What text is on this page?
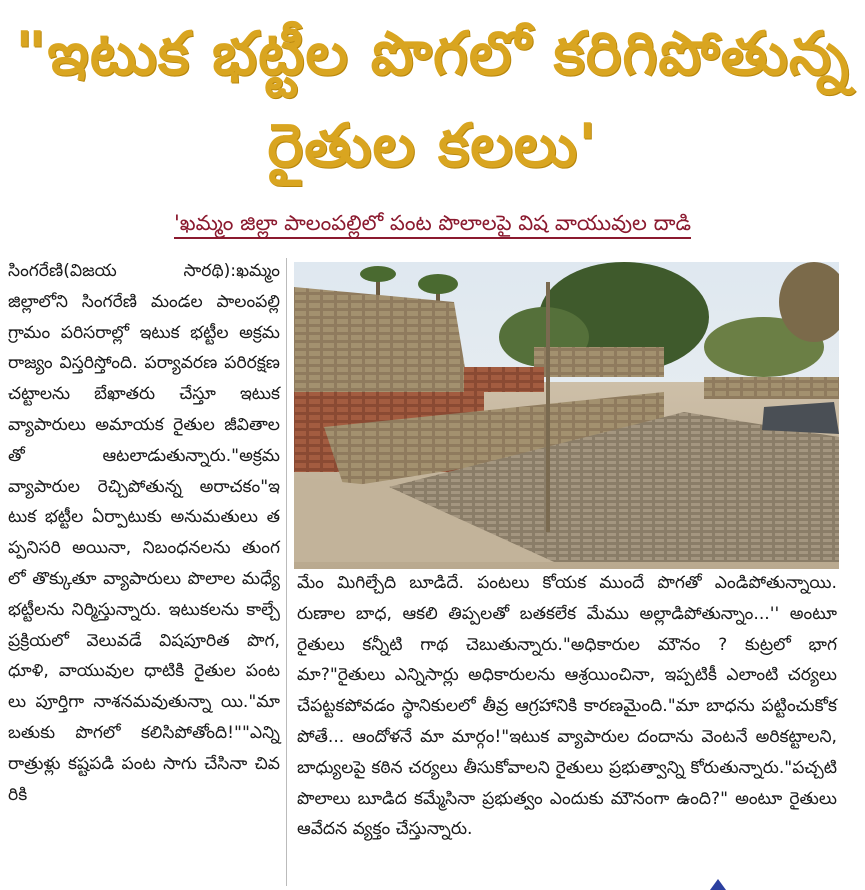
"ఇటుక భట్టీల పొగలో కరిగిపోతున్న రైతుల కలలు'
'ఖమ్మం జిల్లా పాలంపల్లిలో పంట పొలాలపై విష వాయువుల దాడి
సింగరేణి(విజయ సారథి):ఖమ్మం జిల్లాలోని సింగరేణి మండల పాలంపల్లి గ్రామం పరిసరాల్లో ఇటుక భట్టీల అక్రమ రాజ్యం విస్తరిస్తోంది. పర్యావరణ పరిరక్షణ చట్టాలను బేఖాతరు చేస్తూ ఇటుక వ్యాపారులు అమాయక రైతుల జీవితాలతో ఆటలాడుతున్నారు."అక్రమ వ్యాపారుల రెచ్చిపోతున్న అరాచకం"ఇటుక భట్టీల ఏర్పాటుకు అనుమతులు తప్పనిసరి అయినా, నిబంధనలను తుంగలో తొక్కుతూ వ్యాపారులు పొలాల మధ్యే భట్టీలను నిర్మిస్తున్నారు. ఇటుకలను కాల్చే ప్రక్రియలో వెలువడే విషపూరిత పొగ, ధూళి, వాయువుల ధాటికి రైతుల పంటలు పూర్తిగా నాశనమవుతున్నా యి."మా బతుకు పొగలో కలిసిపోతోంది!""ఎన్ని రాత్రుళ్లు కష్టపడి పంట సాగు చేసినా చివరికి
మేం మిగిల్చేది బూడిదే. పంటలు కోయక ముందే పొగతో ఎండిపోతున్నాయి. రుణాల బాధ, ఆకలి తిప్పలతో బతకలేక మేము అల్లాడిపోతున్నాం...'' అంటూ రైతులు కన్నీటి గాథ చెబుతున్నారు."అధికారుల మౌనం ? కుట్రలో భాగమా?"రైతులు ఎన్నిసార్లు అధికారులను ఆశ్రయించినా, ఇప్పటికీ ఎలాంటి చర్యలు చేపట్టకపోవడం స్థానికులలో తీవ్ర ఆగ్రహానికి కారణమైంది."మా బాధను పట్టించుకోకపోతే... ఆందోళనే మా మార్గం!"ఇటుక వ్యాపారుల దందాను వెంటనే అరికట్టాలని, బాధ్యులపై కఠిన చర్యలు తీసుకోవాలని రైతులు ప్రభుత్వాన్ని కోరుతున్నారు."పచ్చటి పొలాలు బూడిద కమ్మేసినా ప్రభుత్వం ఎందుకు మౌనంగా ఉంది?" అంటూ రైతులు ఆవేదన వ్యక్తం చేస్తున్నారు.
